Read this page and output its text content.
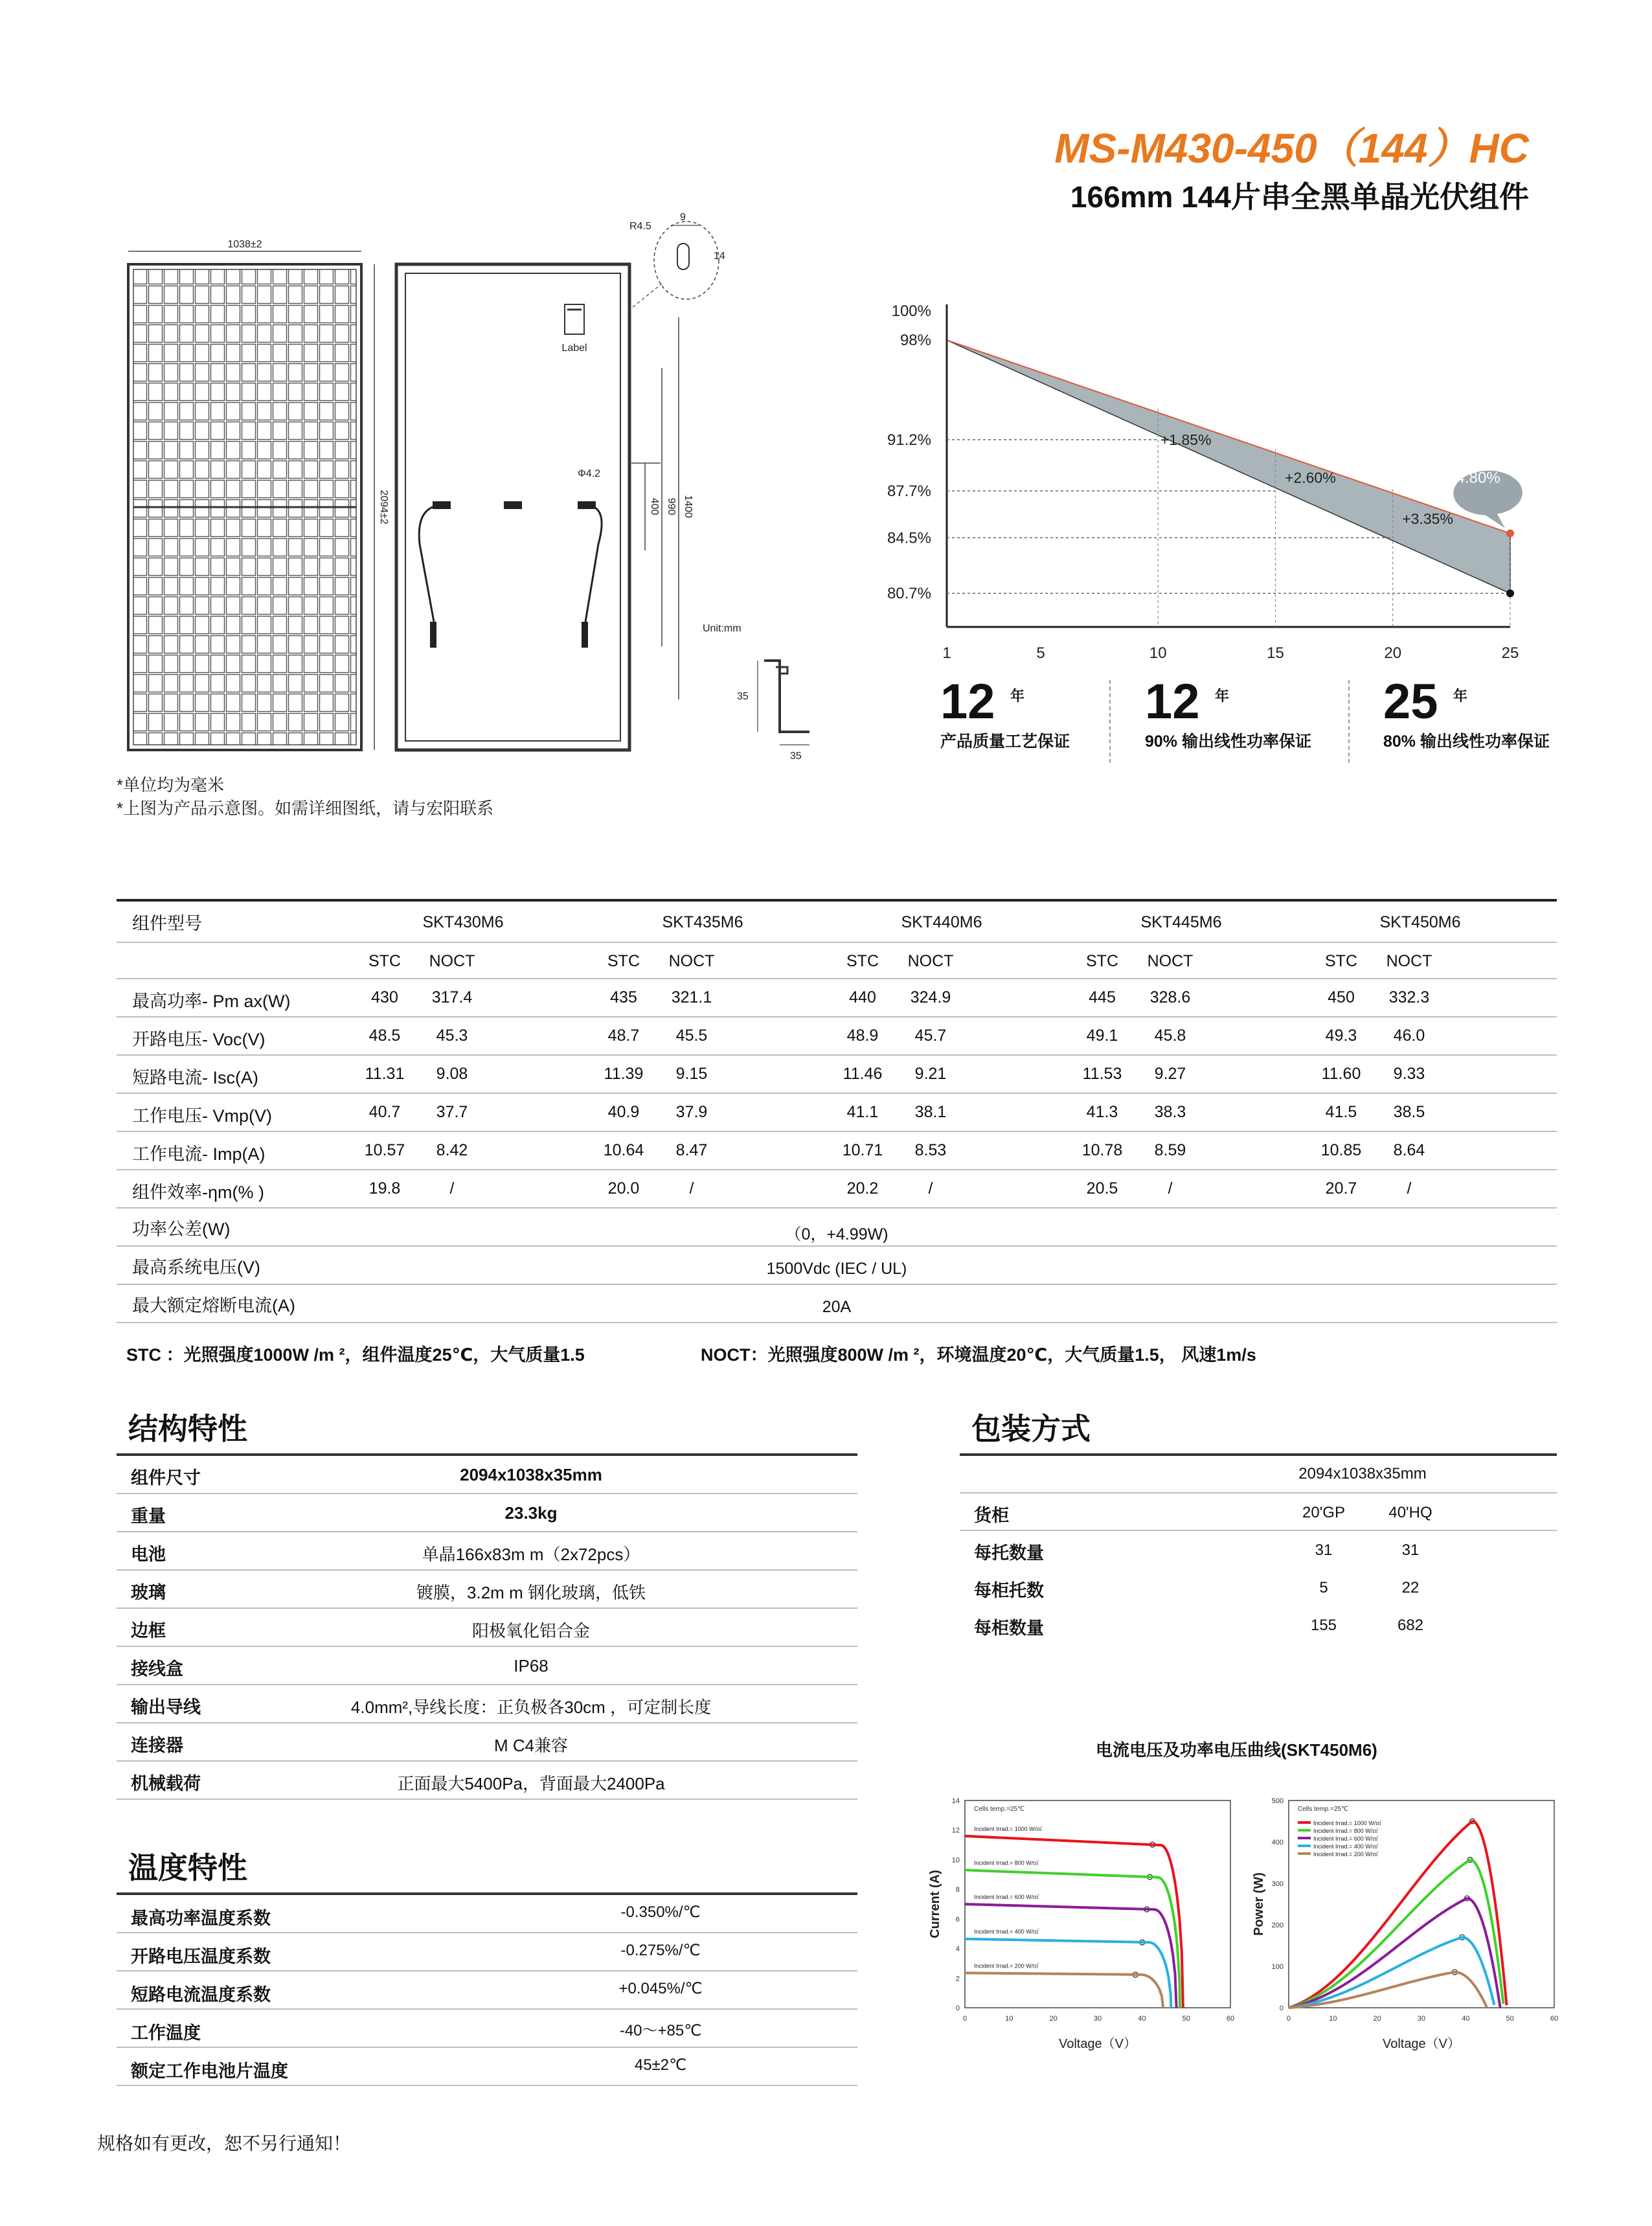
MS-M430-450（144）HC
166mm 144片串全黑单晶光伏组件
1038±2
2094±2
Label
Φ4.2
400 990 1400
R4.5
9
14
Unit:mm
35
35
*单位均为毫米
*上图为产品示意图。如需详细图纸，请与宏阳联系
100%
98%
91.2%
87.7%
84.5%
80.7%
1	5	10	15	20	25
+1.85%
+2.60%
+3.35%
84.80%
12 年
产品质量工艺保证
12 年
90% 输出线性功率保证
25 年
80% 输出线性功率保证
组件型号	SKT430M6	SKT435M6	SKT440M6	SKT445M6	SKT450M6
STC NOCT	STC NOCT	STC NOCT	STC NOCT	STC NOCT
最高功率- Pm ax(W)	430 317.4	435 321.1	440 324.9	445 328.6	450 332.3
开路电压- Voc(V)	48.5 45.3	48.7 45.5	48.9 45.7	49.1 45.8	49.3 46.0
短路电流- Isc(A)	11.31 9.08	11.39 9.15	11.46 9.21	11.53 9.27	11.60 9.33
工作电压- Vmp(V)	40.7 37.7	40.9 37.9	41.1 38.1	41.3 38.3	41.5 38.5
工作电流- Imp(A)	10.57 8.42	10.64 8.47	10.71 8.53	10.78 8.59	10.85 8.64
组件效率-ηm(% )	19.8	/	20.0	/	20.2	/	20.5	/	20.7	/
功率公差(W)	（0，+4.99W)
最高系统电压(V)	1500Vdc (IEC / UL)
最大额定熔断电流(A)	20A
STC ：光照强度1000W /m ²，组件温度25℃，大气质量1.5	NOCT：光照强度800W /m ²，环境温度20℃，大气质量1.5， 风速1m/s
结构特性
组件尺寸	2094x1038x35mm
重量	23.3kg
电池	单晶166x83m m（2x72pcs）
玻璃	镀膜，3.2m m 钢化玻璃，低铁
边框	阳极氧化铝合金
接线盒	IP68
输出导线	4.0mm²,导线长度：正负极各30cm ，可定制长度
连接器	M C4兼容
机械载荷	正面最大5400Pa，背面最大2400Pa
包装方式
2094x1038x35mm
货柜	20'GP	40'HQ
每托数量	31	31
每柜托数	5	22
每柜数量	155	682
温度特性
最高功率温度系数	-0.350%/℃
开路电压温度系数	-0.275%/℃
短路电流温度系数	+0.045%/℃
工作温度	-40～+85℃
额定工作电池片温度	45±2℃
电流电压及功率电压曲线(SKT450M6)
0	10	20	30	40	50	60
0
2
4
6
8
10
12
14
Voltage（V）
Current (A)
Cells temp.=25℃
Incident Irrad.= 1000 W/㎡
Incident Irrad.= 800 W/㎡
Incident Irrad.= 600 W/㎡
Incident Irrad.= 400 W/㎡
Incident Irrad.= 200 W/㎡
0	10	20	30	40	50	60
0
100
200
300
400
500
Voltage（V）
Power (W)
Cells temp.=25℃
Incident Irrad.= 1000 W/㎡
Incident Irrad.= 800 W/㎡
Incident Irrad.= 600 W/㎡
Incident Irrad.= 400 W/㎡
Incident Irrad.= 200 W/㎡
规格如有更改，恕不另行通知！
